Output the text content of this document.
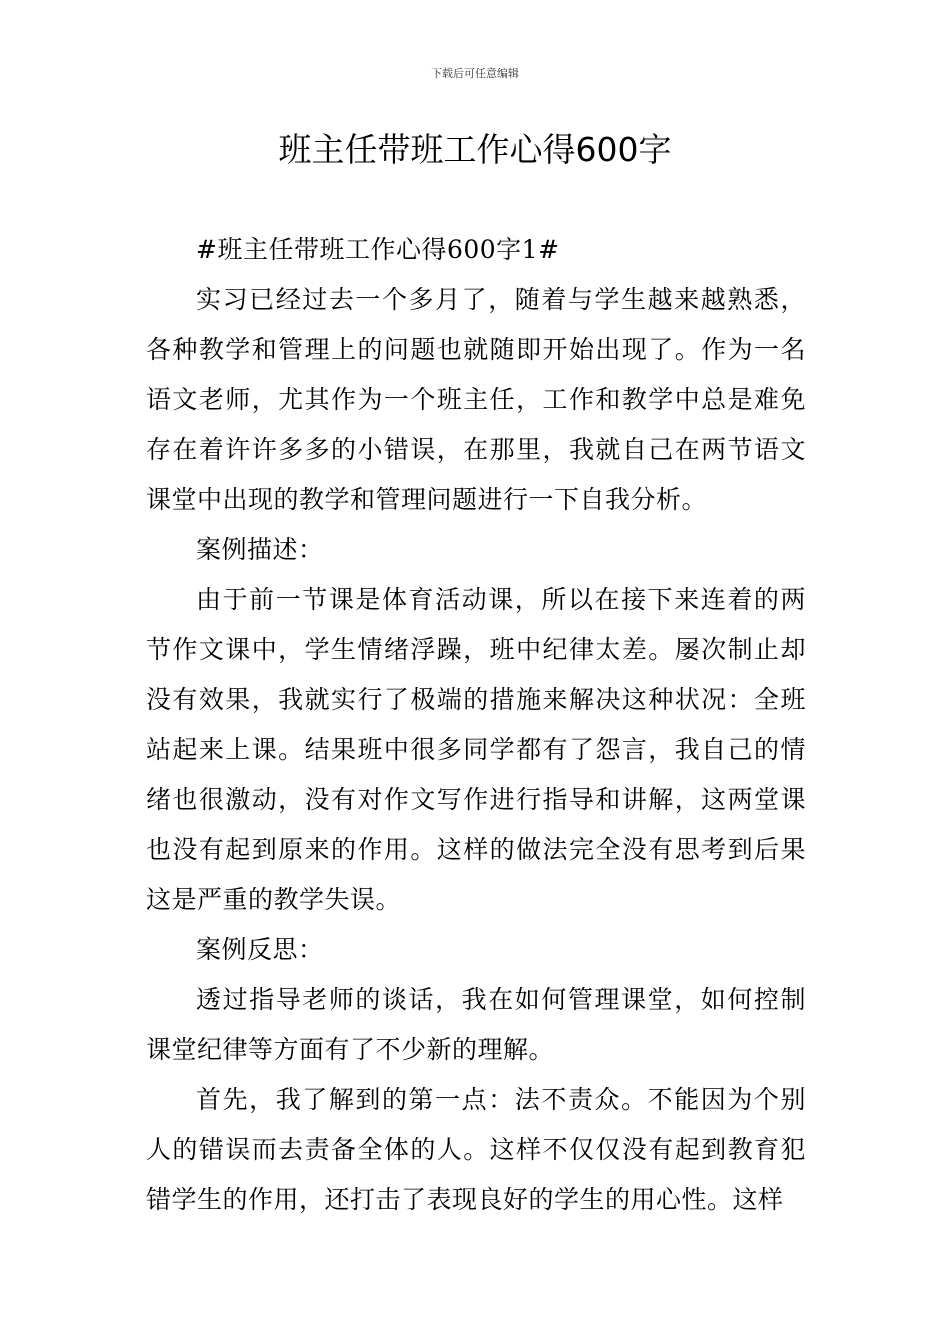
下载后可任意编辑
班主任带班工作心得600字

#班主任带班工作心得600字1#

实习已经过去一个多月了，随着与学生越来越熟悉，各种教学和管理上的问题也就随即开始出现了。作为一名语文老师，尤其作为一个班主任，工作和教学中总是难免存在着许许多多的小错误，在那里，我就自己在两节语文课堂中出现的教学和管理问题进行一下自我分析。

案例描述：

由于前一节课是体育活动课，所以在接下来连着的两节作文课中，学生情绪浮躁，班中纪律太差。屡次制止却没有效果，我就实行了极端的措施来解决这种状况：全班站起来上课。结果班中很多同学都有了怨言，我自己的情绪也很激动，没有对作文写作进行指导和讲解，这两堂课也没有起到原来的作用。这样的做法完全没有思考到后果这是严重的教学失误。

案例反思：

透过指导老师的谈话，我在如何管理课堂，如何控制课堂纪律等方面有了不少新的理解。

首先，我了解到的第一点：法不责众。不能因为个别人的错误而去责备全体的人。这样不仅仅没有起到教育犯错学生的作用，还打击了表现良好的学生的用心性。这样
